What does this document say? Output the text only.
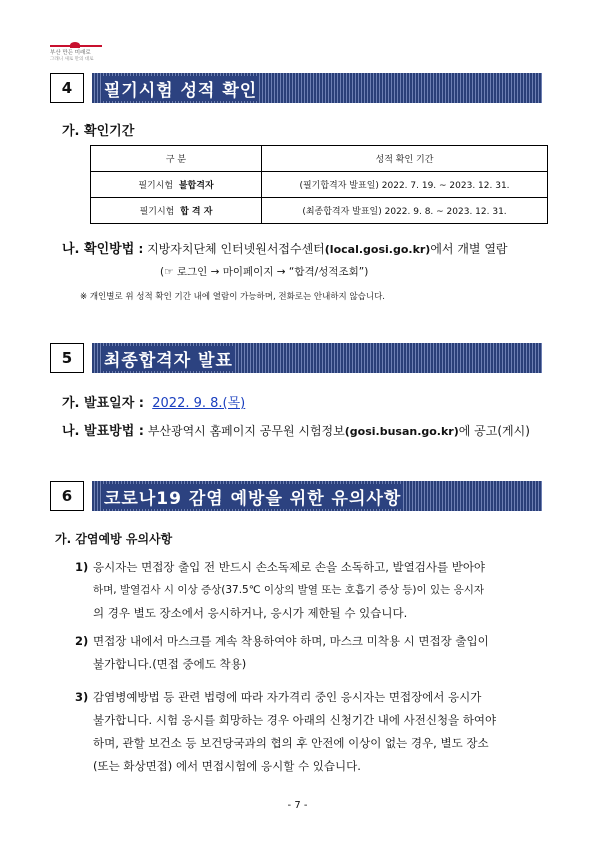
부산 만든 미래로
그래니 새로 만의 대로
4	필기시험 성적 확인
가. 확인기간
구 분	성적 확인 기간
필기시험 불합격자	(필기합격자 발표일) 2022. 7. 19. ~ 2023. 12. 31.
필기시험 합 격 자	(최종합격자 발표일) 2022. 9. 8. ~ 2023. 12. 31.
나. 확인방법 : 지방자치단체 인터넷원서접수센터(local.gosi.go.kr)에서 개별 열람
(☞ 로그인 → 마이페이지 → “합격/성적조회”)
※ 개인별로 위 성적 확인 기간 내에 열람이 가능하며, 전화로는 안내하지 않습니다.
5	최종합격자 발표
가. 발표일자 : 2022. 9. 8.(목)
나. 발표방법 : 부산광역시 홈페이지 공무원 시험정보(gosi.busan.go.kr)에 공고(게시)
6	코로나19 감염 예방을 위한 유의사항
가. 감염예방 유의사항
1) 응시자는 면접장 출입 전 반드시 손소독제로 손을 소독하고, 발열검사를 받아야
하며, 발열검사 시 이상 증상(37.5℃ 이상의 발열 또는 호흡기 증상 등)이 있는 응시자
의 경우 별도 장소에서 응시하거나, 응시가 제한될 수 있습니다.
2) 면접장 내에서 마스크를 계속 착용하여야 하며, 마스크 미착용 시 면접장 출입이
불가합니다.(면접 중에도 착용)
3) 감염병예방법 등 관련 법령에 따라 자가격리 중인 응시자는 면접장에서 응시가
불가합니다. 시험 응시를 희망하는 경우 아래의 신청기간 내에 사전신청을 하여야
하며, 관할 보건소 등 보건당국과의 협의 후 안전에 이상이 없는 경우, 별도 장소
(또는 화상면접) 에서 면접시험에 응시할 수 있습니다.
- 7 -
